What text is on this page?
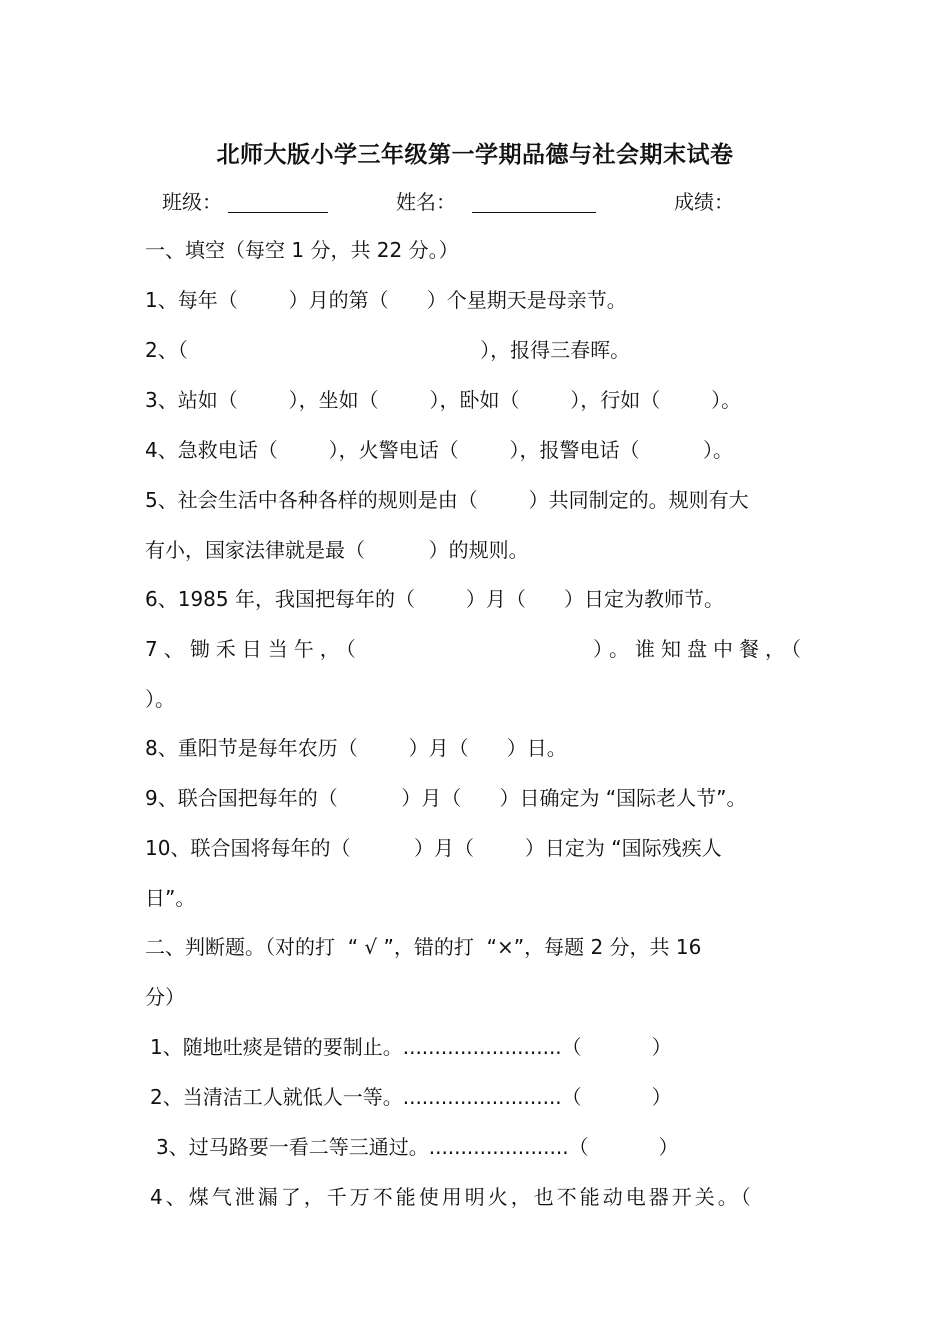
北师大版小学三年级第一学期品德与社会期末试卷
班级：	姓名：	成绩：
一、填空（每空 1 分，共 22 分。）
1、每年（        ）月的第（      ）个星期天是母亲节。
2、（                                              ），报得三春晖。
3、站如（        ），坐如（        ），卧如（        ），行如（        ）。
4、急救电话（        ），火警电话（        ），报警电话（          ）。
5、社会生活中各种各样的规则是由（        ）共同制定的。规则有大
有小，国家法律就是最（          ）的规则。
6、1985 年，我国把每年的（        ）月（      ）日定为教师节。
7、锄禾日当午，（	）。谁知盘中餐，（
）。
8、重阳节是每年农历（        ）月（      ）日。
9、联合国把每年的（          ）月（      ）日确定为 “国际老人节”。
10、联合国将每年的（          ）月（        ）日定为 “国际残疾人
日”。
二、判断题。（对的打  “ √ ”，错的打  “×”，每题 2 分，共 16
分）
1、随地吐痰是错的要制止。.........................（           ）
2、当清洁工人就低人一等。.........................（           ）
3、过马路要一看二等三通过。......................（           ）
4、煤气泄漏了，千万不能使用明火，也不能动电器开关。（
